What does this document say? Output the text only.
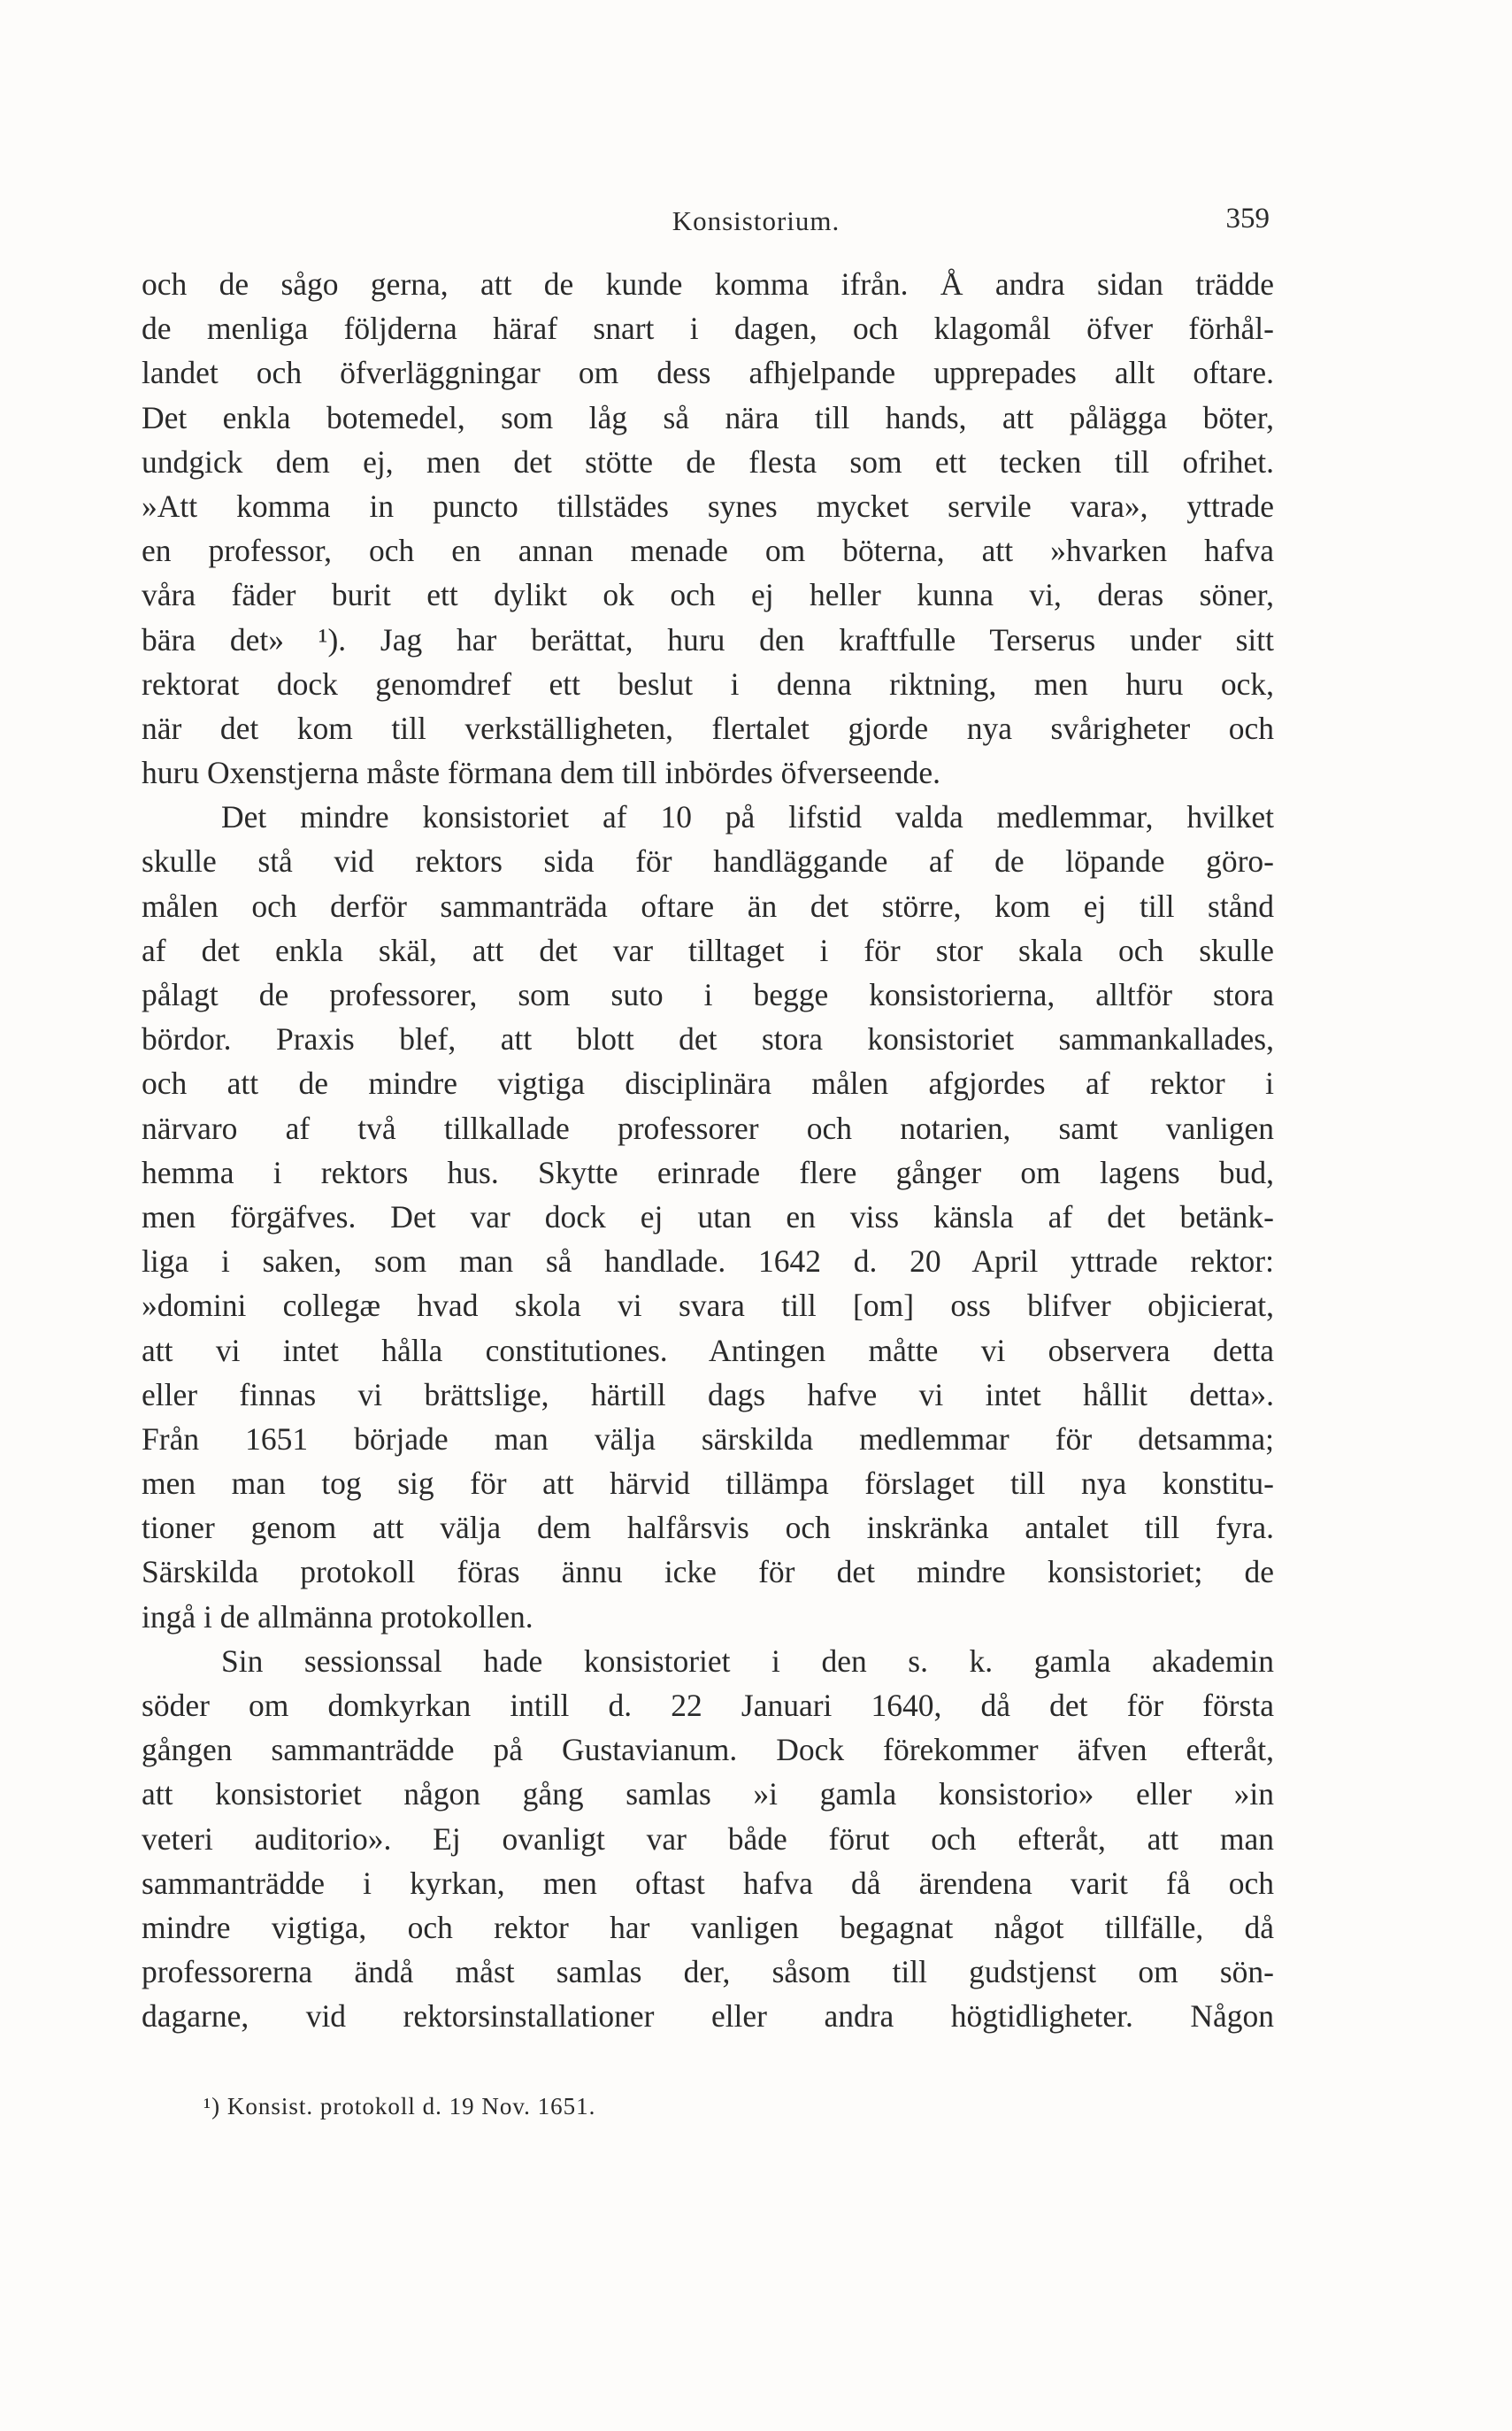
Konsistorium.	359
och de sågo gerna, att de kunde komma ifrån. Å andra sidan trädde
de menliga följderna häraf snart i dagen, och klagomål öfver förhål-
landet och öfverläggningar om dess afhjelpande upprepades allt oftare.
Det enkla botemedel, som låg så nära till hands, att pålägga böter,
undgick dem ej, men det stötte de flesta som ett tecken till ofrihet.
»Att komma in puncto tillstädes synes mycket servile vara», yttrade
en professor, och en annan menade om böterna, att »hvarken hafva
våra fäder burit ett dylikt ok och ej heller kunna vi, deras söner,
bära det» ¹). Jag har berättat, huru den kraftfulle Terserus under sitt
rektorat dock genomdref ett beslut i denna riktning, men huru ock,
när det kom till verkställigheten, flertalet gjorde nya svårigheter och
huru Oxenstjerna måste förmana dem till inbördes öfverseende.
Det mindre konsistoriet af 10 på lifstid valda medlemmar, hvilket
skulle stå vid rektors sida för handläggande af de löpande göro-
målen och derför sammanträda oftare än det större, kom ej till stånd
af det enkla skäl, att det var tilltaget i för stor skala och skulle
pålagt de professorer, som suto i begge konsistorierna, alltför stora
bördor. Praxis blef, att blott det stora konsistoriet sammankallades,
och att de mindre vigtiga disciplinära målen afgjordes af rektor i
närvaro af två tillkallade professorer och notarien, samt vanligen
hemma i rektors hus. Skytte erinrade flere gånger om lagens bud,
men förgäfves. Det var dock ej utan en viss känsla af det betänk-
liga i saken, som man så handlade. 1642 d. 20 April yttrade rektor:
»domini collegæ hvad skola vi svara till [om] oss blifver objicierat,
att vi intet hålla constitutiones. Antingen måtte vi observera detta
eller finnas vi brättslige, härtill dags hafve vi intet hållit detta».
Från 1651 började man välja särskilda medlemmar för detsamma;
men man tog sig för att härvid tillämpa förslaget till nya konstitu-
tioner genom att välja dem halfårsvis och inskränka antalet till fyra.
Särskilda protokoll föras ännu icke för det mindre konsistoriet; de
ingå i de allmänna protokollen.
Sin sessionssal hade konsistoriet i den s. k. gamla akademin
söder om domkyrkan intill d. 22 Januari 1640, då det för första
gången sammanträdde på Gustavianum. Dock förekommer äfven efteråt,
att konsistoriet någon gång samlas »i gamla konsistorio» eller »in
veteri auditorio». Ej ovanligt var både förut och efteråt, att man
sammanträdde i kyrkan, men oftast hafva då ärendena varit få och
mindre vigtiga, och rektor har vanligen begagnat något tillfälle, då
professorerna ändå måst samlas der, såsom till gudstjenst om sön-
dagarne, vid rektorsinstallationer eller andra högtidligheter. Någon
¹) Konsist. protokoll d. 19 Nov. 1651.
